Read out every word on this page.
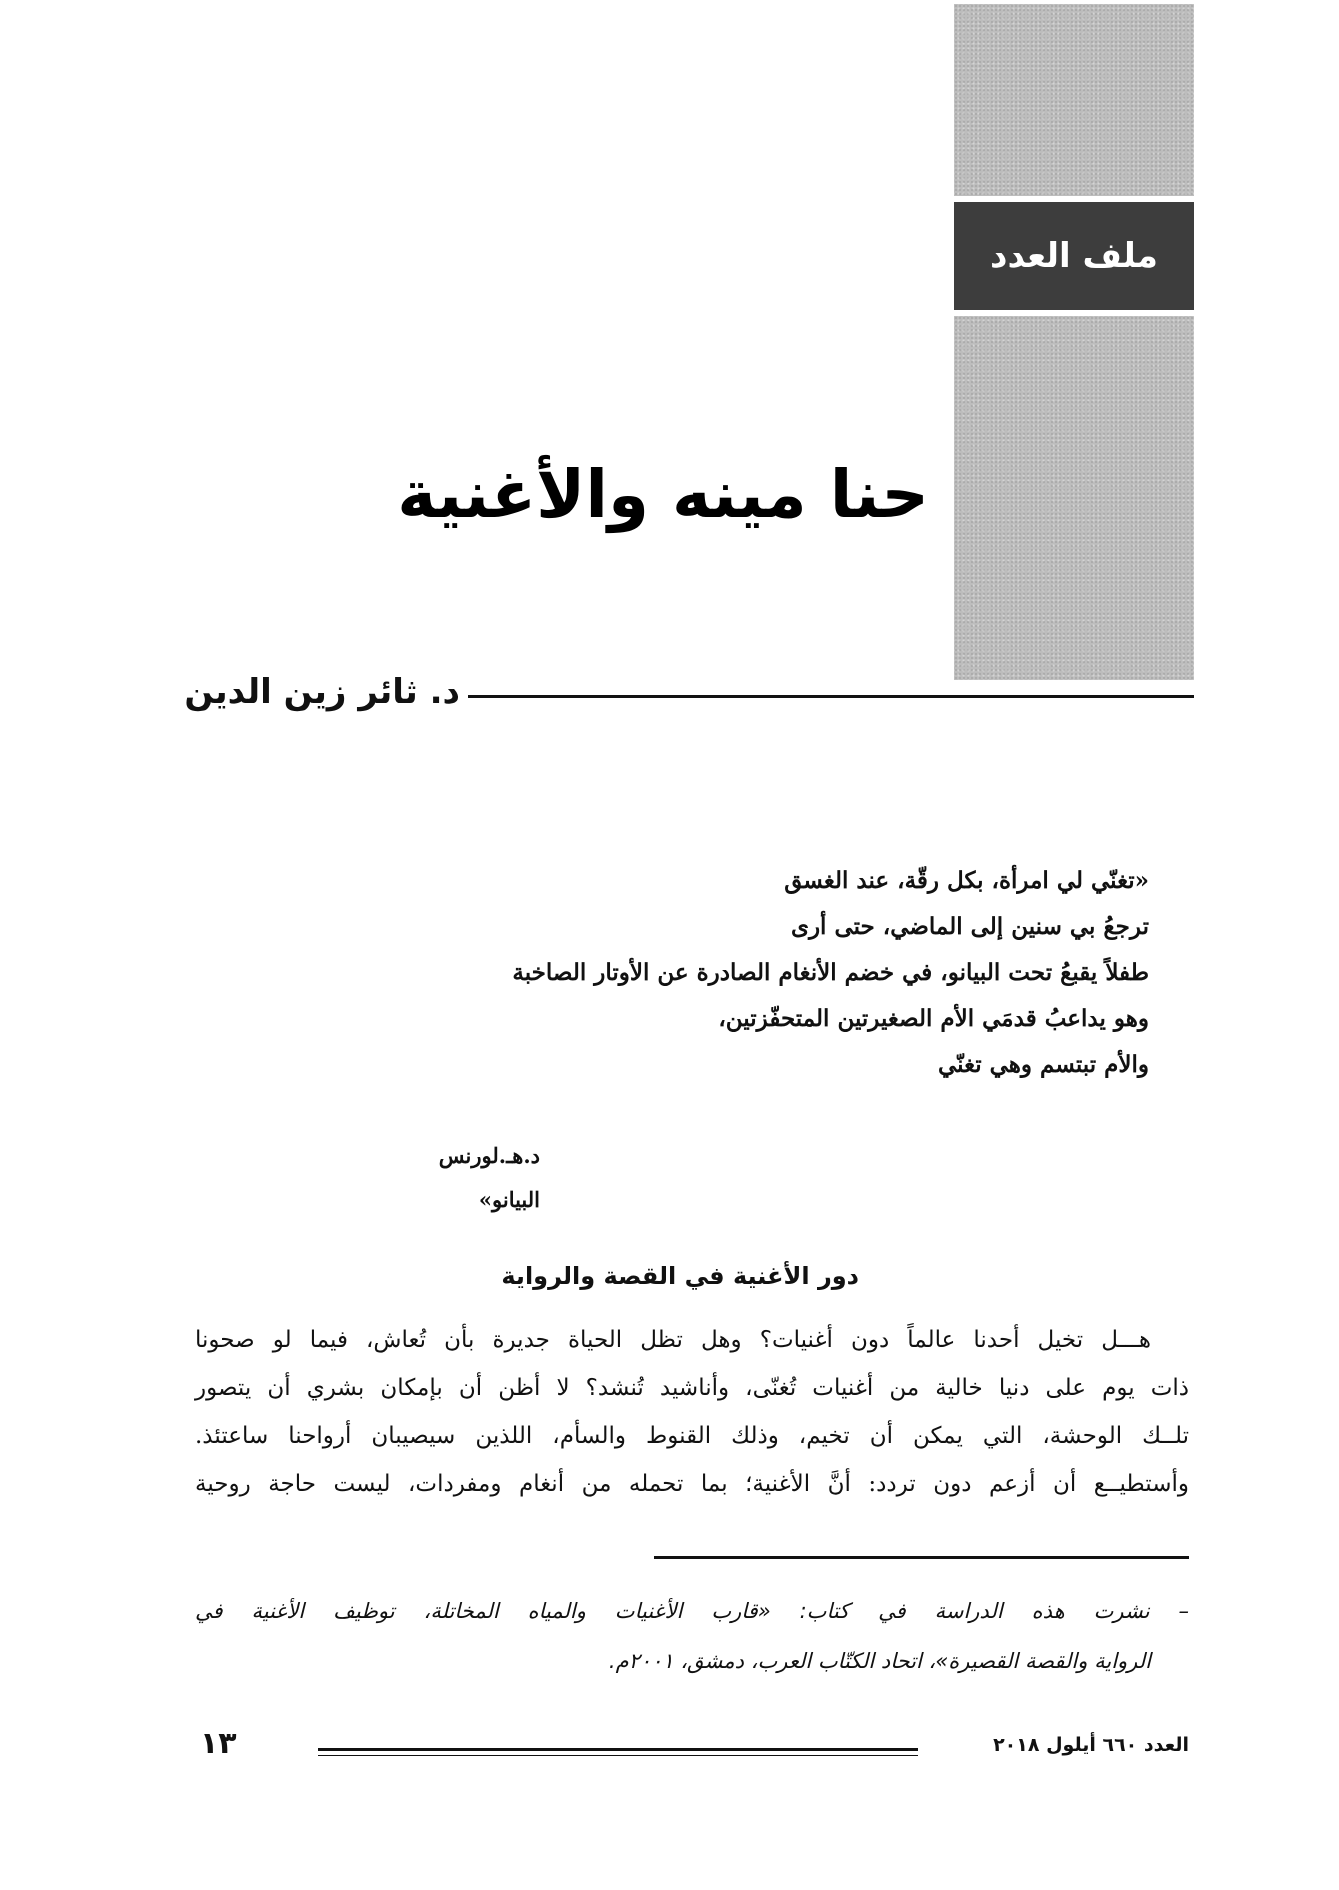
ملف العدد
حنا مينه والأغنية
د. ثائر زين الدين
«تغنّي لي امرأة، بكل رقّة، عند الغسق
ترجعُ بي سنين إلى الماضي، حتى أرى
طفلاً يقبعُ تحت البيانو، في خضم الأنغام الصادرة عن الأوتار الصاخبة
وهو يداعبُ قدمَي الأم الصغيرتين المتحفّزتين،
والأم تبتسم وهي تغنّي
د.هـ.لورنس
البيانو»
دور الأغنية في القصة والرواية
هـــل تخيل أحدنا عالماً دون أغنيات؟ وهل تظل الحياة جديرة بأن تُعاش، فيما لو صحونا
ذات يوم على دنيا خالية من أغنيات تُغنّى، وأناشيد تُنشد؟ لا أظن أن بإمكان بشري أن يتصور
تلــك الوحشة، التي يمكن أن تخيم، وذلك القنوط والسأم، اللذين سيصيبان أرواحنا ساعتئذ.
وأستطيــع أن أزعم دون تردد: أنَّ الأغنية؛ بما تحمله من أنغام ومفردات، ليست حاجة روحية
– نشرت هذه الدراسة في كتاب: «قارب الأغنيات والمياه المخاتلة، توظيف الأغنية في
الرواية والقصة القصيرة»، اتحاد الكتّاب العرب، دمشق، ٢٠٠١م.
العدد ٦٦٠ أيلول ٢٠١٨
١٣
